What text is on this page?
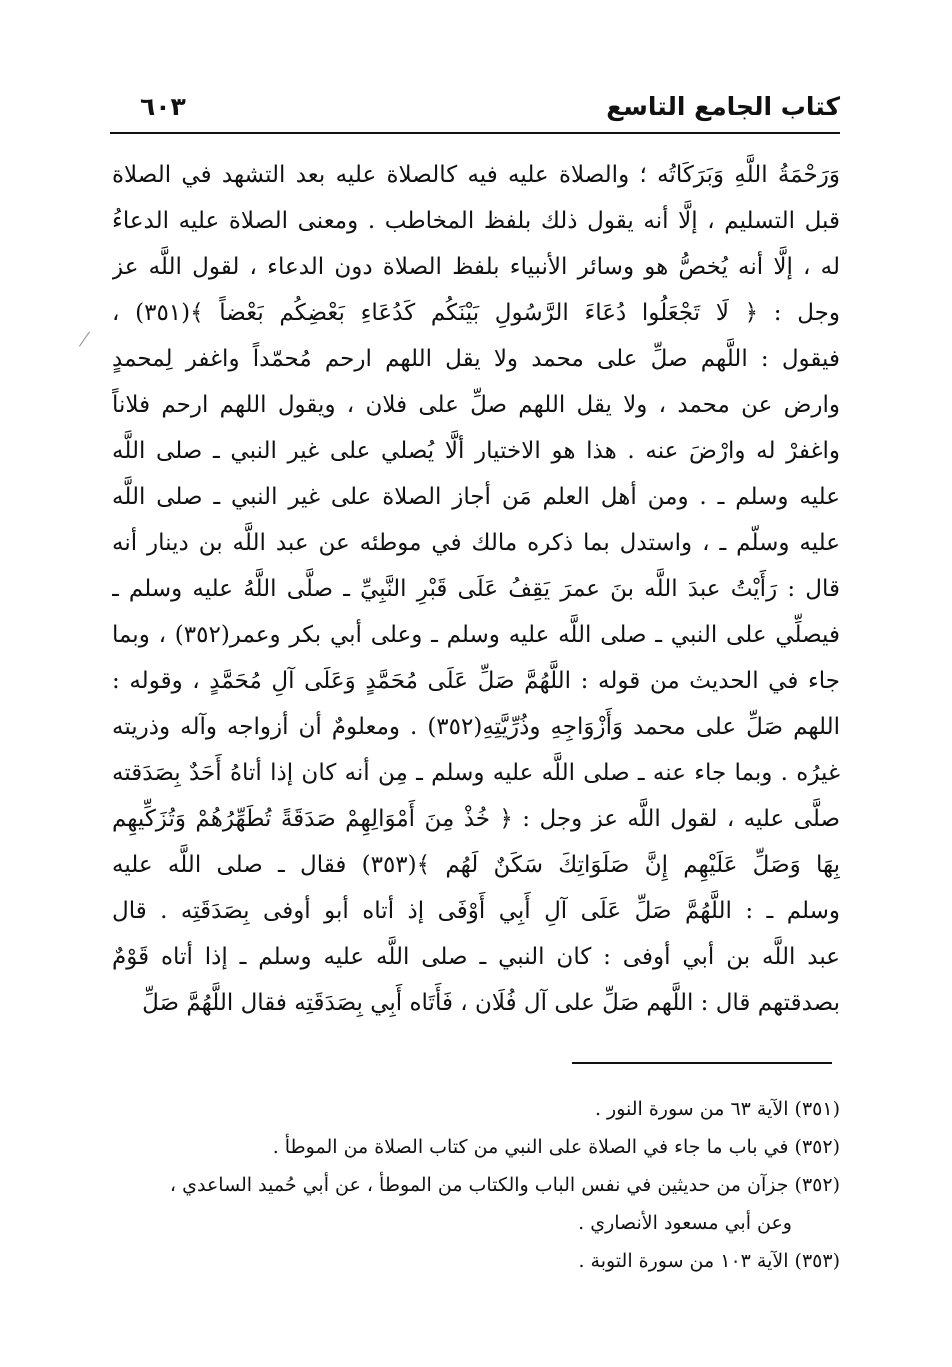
كتاب الجامع التاسع
٦٠٣
وَرَحْمَةُ اللَّهِ وَبَرَكَاتُه ؛ والصلاة عليه فيه كالصلاة عليه بعد التشهد في الصلاة
قبل التسليم ، إلَّا أنه يقول ذلك بلفظ المخاطب . ومعنى الصلاة عليه الدعاءُ
له ، إلَّا أنه يُخصُّ هو وسائر الأنبياء بلفظ الصلاة دون الدعاء ، لقول اللَّه عز
وجل : ﴿ لَا تَجْعَلُوا دُعَاءَ الرَّسُولِ بَيْنَكُم كَدُعَاءِ بَعْضِكُم بَعْضاً ﴾(٣٥١) ،
فيقول : اللَّهم صلِّ على محمد ولا يقل اللهم ارحم مُحمّداً واغفر لِمحمدٍ
وارض عن محمد ، ولا يقل اللهم صلِّ على فلان ، ويقول اللهم ارحم فلاناً
واغفرْ له وارْضَ عنه . هذا هو الاختيار ألَّا يُصلي على غير النبي ـ صلى اللَّه
عليه وسلم ـ . ومن أهل العلم مَن أجاز الصلاة على غير النبي ـ صلى اللَّه
عليه وسلّم ـ ، واستدل بما ذكره مالك في موطئه عن عبد اللَّه بن دينار أنه
قال : رَأَيْتُ عبدَ اللَّه بنَ عمرَ يَقِفُ عَلَى قَبْرِ النَّبِيِّ ـ صلَّى اللَّهُ عليه وسلم ـ
فيصلِّي على النبي ـ صلى اللَّه عليه وسلم ـ وعلى أبي بكر وعمر(٣٥٢) ، وبما
جاء في الحديث من قوله : اللَّهُمَّ صَلِّ عَلَى مُحَمَّدٍ وَعَلَى آلِ مُحَمَّدٍ ، وقوله :
اللهم صَلِّ على محمد وَأَزْوَاجِهِ وذُرِّيَّتِهِ(٣٥٢) . ومعلومٌ أن أزواجه وآله وذريته
غيرُه . وبما جاء عنه ـ صلى اللَّه عليه وسلم ـ مِن أنه كان إذا أتاهُ أَحَدٌ بِصَدَقته
صلَّى عليه ، لقول اللَّه عز وجل : ﴿ خُذْ مِنَ أَمْوَالِهِمْ صَدَقَةً تُطَهِّرُهُمْ وَتُزَكِّيهِم
بِهَا وَصَلِّ عَلَيْهِم إِنَّ صَلَوَاتِكَ سَكَنٌ لَهُم ﴾(٣٥٣) فقال ـ صلى اللَّه عليه
وسلم ـ : اللَّهُمَّ صَلِّ عَلَى آلِ أَبِي أَوْفَى إذ أتاه أبو أوفى بِصَدَقَتِه . قال
عبد اللَّه بن أبي أوفى : كان النبي ـ صلى اللَّه عليه وسلم ـ إذا أتاه قَوْمٌ
بصدقتهم قال : اللَّهم صَلِّ على آل فُلَان ، فَأَتَاه أَبِي بِصَدَقَتِه فقال اللَّهُمَّ صَلِّ
(٣٥١) الآية ٦٣ من سورة النور .
(٣٥٢) في باب ما جاء في الصلاة على النبي من كتاب الصلاة من الموطأ .
(٣٥٢) جزآن من حديثين في نفس الباب والكتاب من الموطأ ، عن أبي حُميد الساعدي ،
وعن أبي مسعود الأنصاري .
(٣٥٣) الآية ١٠٣ من سورة التوبة .
